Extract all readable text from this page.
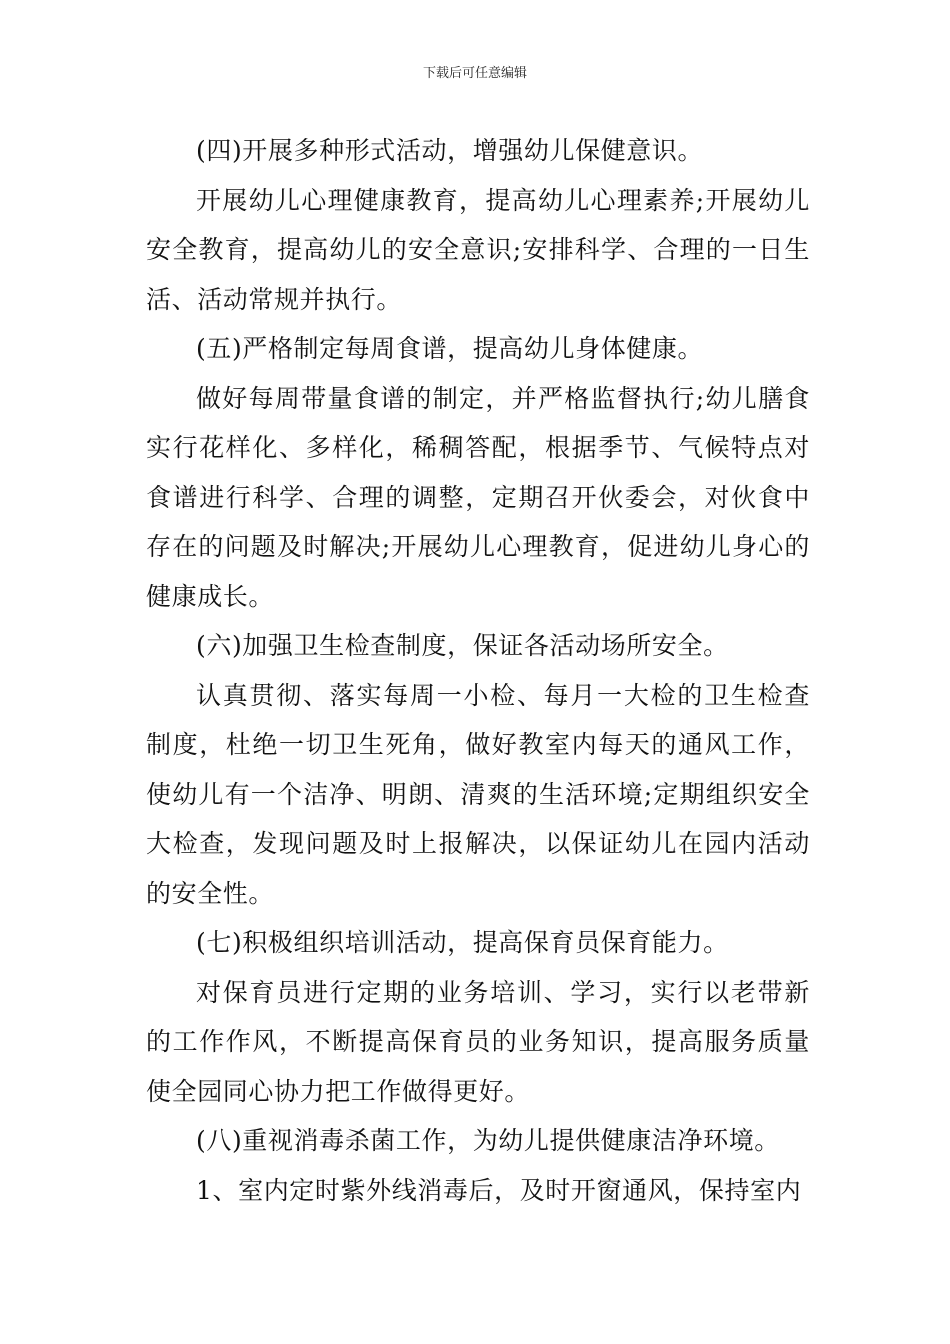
下载后可任意编辑

(四)开展多种形式活动，增强幼儿保健意识。

开展幼儿心理健康教育，提高幼儿心理素养;开展幼儿安全教育，提高幼儿的安全意识;安排科学、合理的一日生活、活动常规并执行。

(五)严格制定每周食谱，提高幼儿身体健康。

做好每周带量食谱的制定，并严格监督执行;幼儿膳食实行花样化、多样化，稀稠答配，根据季节、气候特点对食谱进行科学、合理的调整，定期召开伙委会，对伙食中存在的问题及时解决;开展幼儿心理教育，促进幼儿身心的健康成长。

(六)加强卫生检查制度，保证各活动场所安全。

认真贯彻、落实每周一小检、每月一大检的卫生检查制度，杜绝一切卫生死角，做好教室内每天的通风工作，使幼儿有一个洁净、明朗、清爽的生活环境;定期组织安全大检查，发现问题及时上报解决，以保证幼儿在园内活动的安全性。

(七)积极组织培训活动，提高保育员保育能力。

对保育员进行定期的业务培训、学习，实行以老带新的工作作风，不断提高保育员的业务知识，提高服务质量使全园同心协力把工作做得更好。

(八)重视消毒杀菌工作，为幼儿提供健康洁净环境。

1、室内定时紫外线消毒后，及时开窗通风，保持室内
